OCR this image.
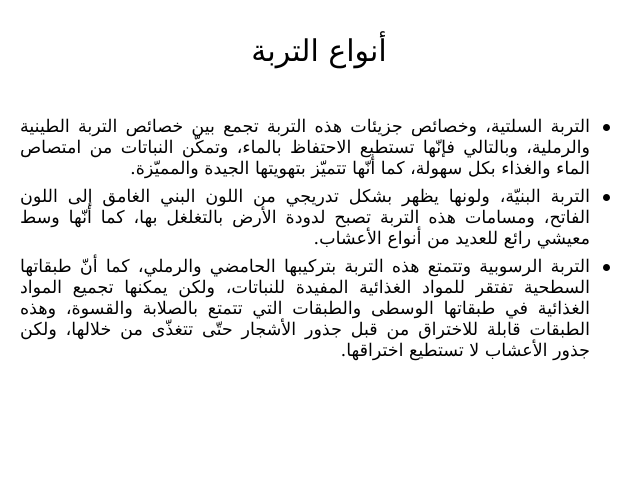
أنواع التربة
التربة السلتية، وخصائص جزيئات هذه التربة تجمع بين خصائص التربة الطينية والرملية، وبالتالي فإنّها تستطيع الاحتفاظ بالماء، وتمكّن النباتات من امتصاص الماء والغذاء بكل سهولة، كما أنّها تتميّز بتهويتها الجيدة والمميّزة.
التربة البنيّة، ولونها يظهر بشكل تدريجي من اللون البني الغامق إلى اللون الفاتح، ومسامات هذه التربة تصبح لدودة الأرض بالتغلغل بها، كما أنّها وسط معيشي رائع للعديد من أنواع الأعشاب.
التربة الرسوبية وتتمتع هذه التربة بتركيبها الحامضي والرملي، كما أنّ طبقاتها السطحية تفتقر للمواد الغذائية المفيدة للنباتات، ولكن يمكنها تجميع المواد الغذائية في طبقاتها الوسطى والطبقات التي تتمتع بالصلابة والقسوة، وهذه الطبقات قابلة للاختراق من قبل جذور الأشجار حتّى تتغذّى من خلالها، ولكن جذور الأعشاب لا تستطيع اختراقها.
